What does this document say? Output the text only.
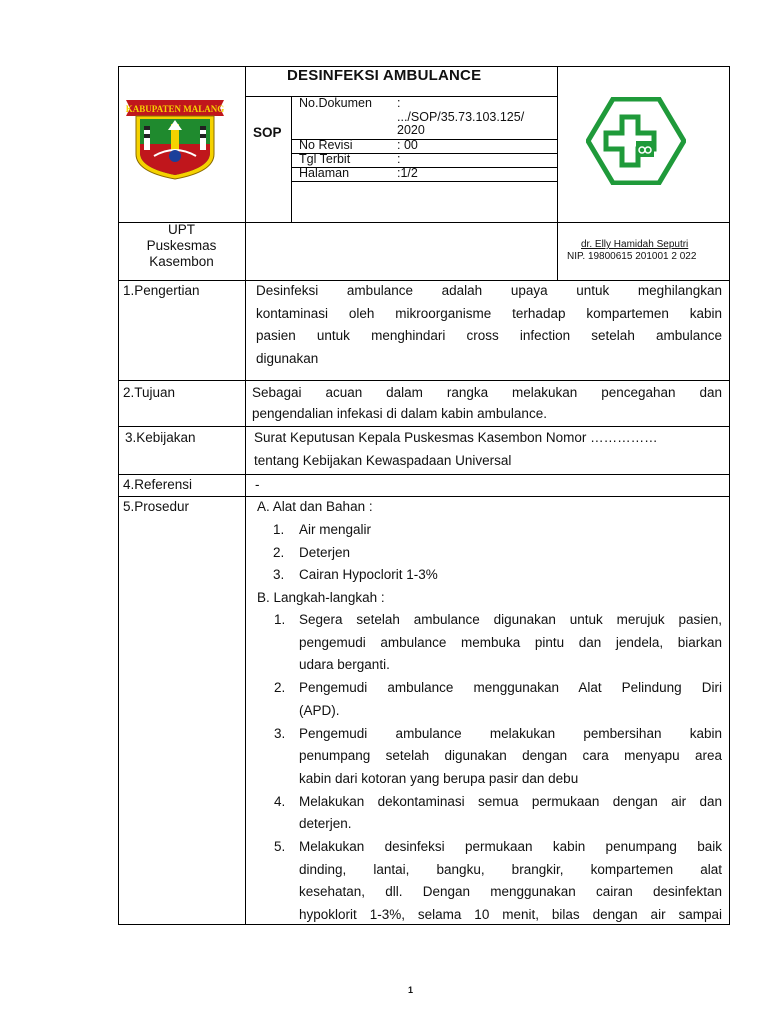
KABUPATEN MALANG
DESINFEKSI AMBULANCE
SOP
No.Dokumen :
.../SOP/35.73.103.125/
2020
No Revisi	: 00
Tgl Terbit	:
Halaman	:1/2
UPT
Puskesmas
Kasembon
dr. Elly Hamidah Seputri
NIP. 19800615 201001 2 022
1.Pengertian	Desinfeksi ambulance adalah upaya untuk meghilangkan
kontaminasi oleh mikroorganisme terhadap kompartemen kabin
pasien untuk menghindari cross infection setelah ambulance
digunakan
2.Tujuan	Sebagai acuan dalam rangka melakukan pencegahan dan
pengendalian infekasi di dalam kabin ambulance.
3.Kebijakan	Surat Keputusan Kepala Puskesmas Kasembon Nomor ……………
tentang Kebijakan Kewaspadaan Universal
4.Referensi	-
5.Prosedur	A. Alat dan Bahan :
1. Air mengalir
2. Deterjen
3. Cairan Hypoclorit 1-3%
B. Langkah-langkah :
1. Segera setelah ambulance digunakan untuk merujuk pasien,
pengemudi ambulance membuka pintu dan jendela, biarkan
udara berganti.
2. Pengemudi ambulance menggunakan Alat Pelindung Diri
(APD).
3. Pengemudi ambulance melakukan pembersihan kabin
penumpang setelah digunakan dengan cara menyapu area
kabin dari kotoran yang berupa pasir dan debu
4. Melakukan dekontaminasi semua permukaan dengan air dan
deterjen.
5. Melakukan desinfeksi permukaan kabin penumpang baik
dinding, lantai, bangku, brangkir, kompartemen alat
kesehatan, dll. Dengan menggunakan cairan desinfektan
hypoklorit 1-3%, selama 10 menit, bilas dengan air sampai
1
